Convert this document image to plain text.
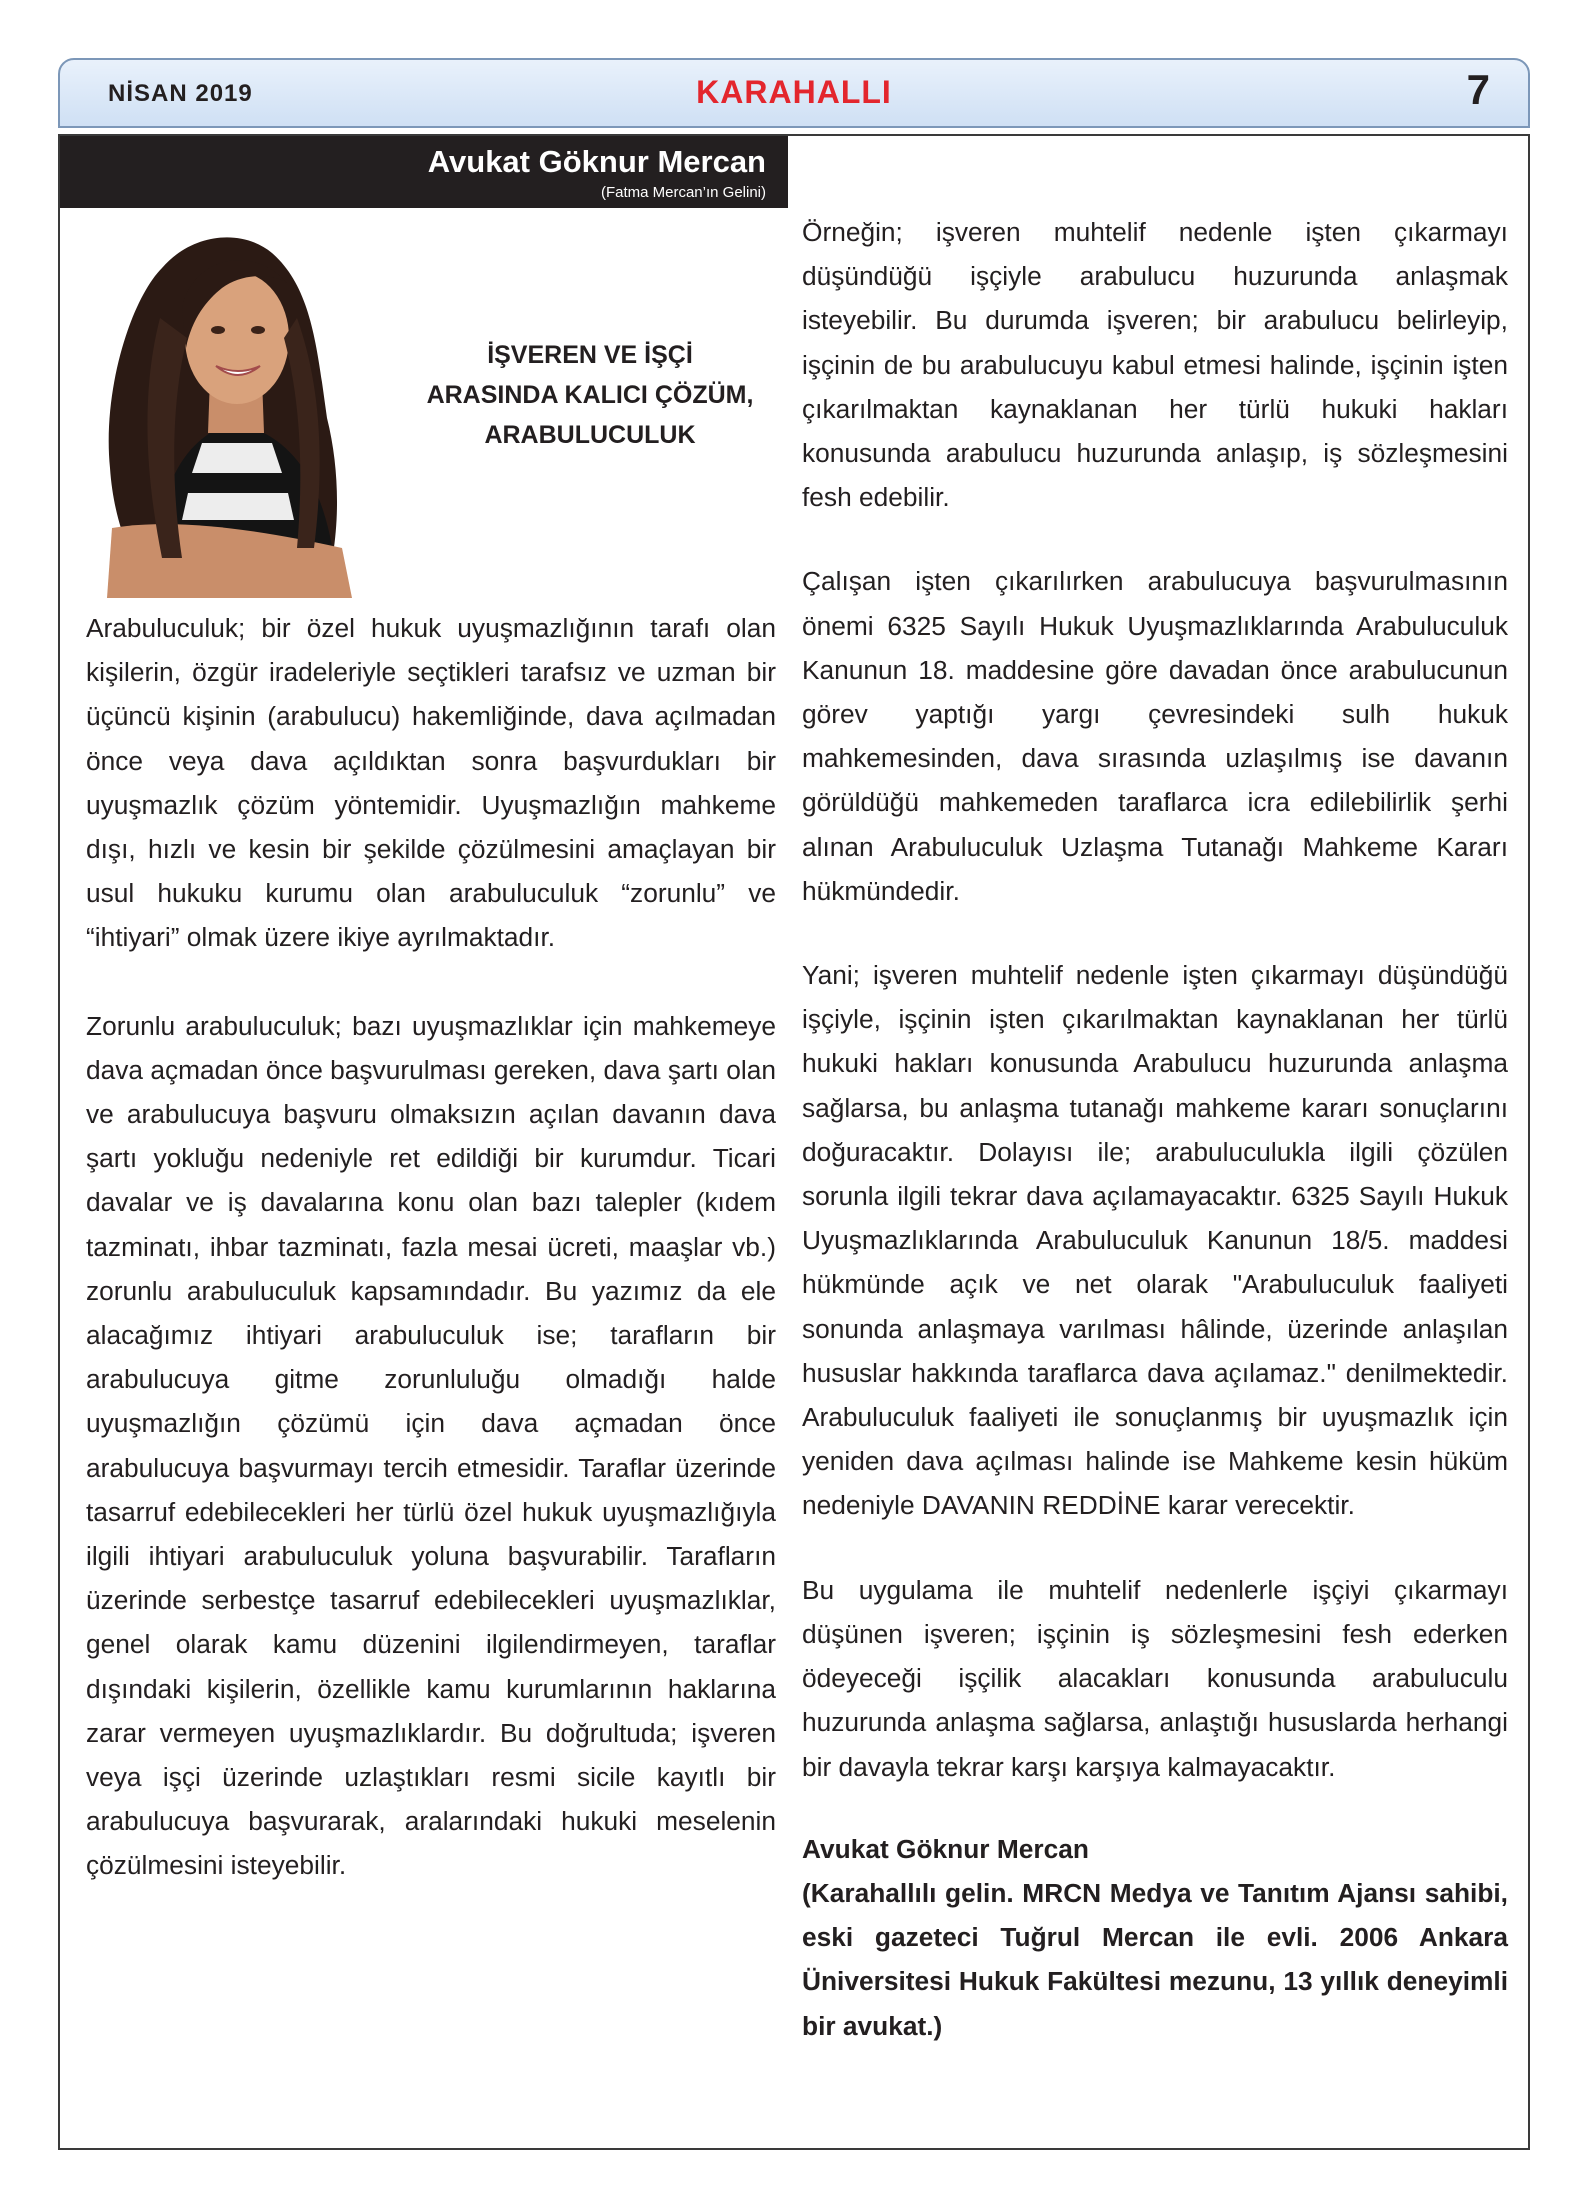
NİSAN 2019	KARAHALLI	7
Avukat Göknur Mercan
(Fatma Mercan’ın Gelini)
İŞVEREN VE İŞÇİ
ARASINDA KALICI ÇÖZÜM,
ARABULUCULUK

Arabuluculuk; bir özel hukuk uyuşmazlığının tarafı olan kişilerin, özgür iradeleriyle seçtikleri tarafsız ve uzman bir üçüncü kişinin (arabulucu) hakemliğinde, dava açılmadan önce veya dava açıldıktan sonra başvurdukları bir uyuşmazlık çözüm yöntemidir. Uyuşmazlığın mahkeme dışı, hızlı ve kesin bir şekilde çözülmesini amaçlayan bir usul hukuku kurumu olan arabuluculuk “zorunlu” ve “ihtiyari” olmak üzere ikiye ayrılmaktadır.

Zorunlu arabuluculuk; bazı uyuşmazlıklar için mahkemeye dava açmadan önce başvurulması gereken, dava şartı olan ve arabulucuya başvuru olmaksızın açılan davanın dava şartı yokluğu nedeniyle ret edildiği bir kurumdur. Ticari davalar ve iş davalarına konu olan bazı talepler (kıdem tazminatı, ihbar tazminatı, fazla mesai ücreti, maaşlar vb.) zorunlu arabuluculuk kapsamındadır. Bu yazımız da ele alacağımız ihtiyari arabuluculuk ise; tarafların bir arabulucuya gitme zorunluluğu olmadığı halde uyuşmazlığın çözümü için dava açmadan önce arabulucuya başvurmayı tercih etmesidir. Taraflar üzerinde tasarruf edebilecekleri her türlü özel hukuk uyuşmazlığıyla ilgili ihtiyari arabuluculuk yoluna başvurabilir. Tarafların üzerinde serbestçe tasarruf edebilecekleri uyuşmazlıklar, genel olarak kamu düzenini ilgilendirmeyen, taraflar dışındaki kişilerin, özellikle kamu kurumlarının haklarına zarar vermeyen uyuşmazlıklardır. Bu doğrultuda; işveren veya işçi üzerinde uzlaştıkları resmi sicile kayıtlı bir arabulucuya başvurarak, aralarındaki hukuki meselenin çözülmesini isteyebilir.

Örneğin; işveren muhtelif nedenle işten çıkarmayı düşündüğü işçiyle arabulucu huzurunda anlaşmak isteyebilir. Bu durumda işveren; bir arabulucu belirleyip, işçinin de bu arabulucuyu kabul etmesi halinde, işçinin işten çıkarılmaktan kaynaklanan her türlü hukuki hakları konusunda arabulucu huzurunda anlaşıp, iş sözleşmesini fesh edebilir.

Çalışan işten çıkarılırken arabulucuya başvurulmasının önemi 6325 Sayılı Hukuk Uyuşmazlıklarında Arabuluculuk Kanunun 18. maddesine göre davadan önce arabulucunun görev yaptığı yargı çevresindeki sulh hukuk mahkemesinden, dava sırasında uzlaşılmış ise davanın görüldüğü mahkemeden taraflarca icra edilebilirlik şerhi alınan Arabuluculuk Uzlaşma Tutanağı Mahkeme Kararı hükmündedir.

Yani; işveren muhtelif nedenle işten çıkarmayı düşündüğü işçiyle, işçinin işten çıkarılmaktan kaynaklanan her türlü hukuki hakları konusunda Arabulucu huzurunda anlaşma sağlarsa, bu anlaşma tutanağı mahkeme kararı sonuçlarını doğuracaktır. Dolayısı ile; arabuluculukla ilgili çözülen sorunla ilgili tekrar dava açılamayacaktır. 6325 Sayılı Hukuk Uyuşmazlıklarında Arabuluculuk Kanunun 18/5. maddesi hükmünde açık ve net olarak "Arabuluculuk faaliyeti sonunda anlaşmaya varılması hâlinde, üzerinde anlaşılan hususlar hakkında taraflarca dava açılamaz." denilmektedir. Arabuluculuk faaliyeti ile sonuçlanmış bir uyuşmazlık için yeniden dava açılması halinde ise Mahkeme kesin hüküm nedeniyle DAVANIN REDDİNE karar verecektir.

Bu uygulama ile muhtelif nedenlerle işçiyi çıkarmayı düşünen işveren; işçinin iş sözleşmesini fesh ederken ödeyeceği işçilik alacakları konusunda arabuluculu huzurunda anlaşma sağlarsa, anlaştığı hususlarda herhangi bir davayla tekrar karşı karşıya kalmayacaktır.

Avukat Göknur Mercan
(Karahallılı gelin. MRCN Medya ve Tanıtım Ajansı sahibi, eski gazeteci Tuğrul Mercan ile evli. 2006 Ankara Üniversitesi Hukuk Fakültesi mezunu, 13 yıllık deneyimli bir avukat.)
